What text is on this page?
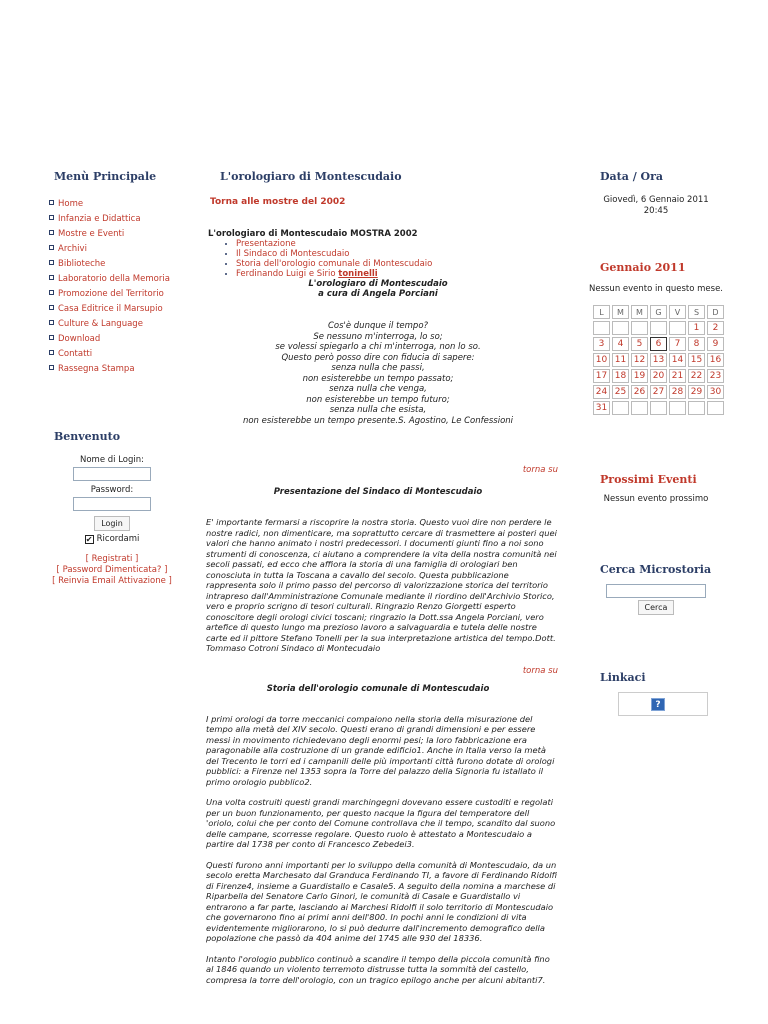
Menù Principale
Home
Infanzia e Didattica
Mostre e Eventi
Archivi
Biblioteche
Laboratorio della Memoria
Promozione del Territorio
Casa Editrice il Marsupio
Culture & Language
Download
Contatti
Rassegna Stampa
Benvenuto
Nome di Login:
Password:
Login
✔ Ricordami
[ Registrati ]
[ Password Dimenticata? ]
[ Reinvia Email Attivazione ]
L'orologiaro di Montescudaio
Torna alle mostre del 2002
L'orologiaro di Montescudaio MOSTRA 2002
• Presentazione
• Il Sindaco di Montescudaio
• Storia dell'orologio comunale di Montescudaio
• Ferdinando Luigi e Sirio toninelli
L'orologiaro di Montescudaio
a cura di Angela Porciani
Cos'è dunque il tempo?
Se nessuno m'interroga, lo so;
se volessi spiegarlo a chi m'interroga, non lo so.
Questo però posso dire con fiducia di sapere:
senza nulla che passi,
non esisterebbe un tempo passato;
senza nulla che venga,
non esisterebbe un tempo futuro;
senza nulla che esista,
non esisterebbe un tempo presente.S. Agostino, Le Confessioni
torna su
Presentazione del Sindaco di Montescudaio
E' importante fermarsi a riscoprire la nostra storia. Questo vuoi dire non perdere le nostre radici, non dimenticare, ma soprattutto cercare di trasmettere ai posteri quei valori che hanno animato i nostri predecessori. I documenti giunti fino a noi sono strumenti di conoscenza, ci aiutano a comprendere la vita della nostra comunità nei secoli passati, ed ecco che affiora la storia di una famiglia di orologiari ben conosciuta in tutta la Toscana a cavallo del secolo. Questa pubblicazione rappresenta solo il primo passo del percorso di valorizzazione storica del territorio intrapreso dall'Amministrazione Comunale mediante il riordino dell'Archivio Storico, vero e proprio scrigno di tesori culturali. Ringrazio Renzo Giorgetti esperto conoscitore degli orologi civici toscani; ringrazio la Dott.ssa Angela Porciani, vero artefice di questo lungo ma prezioso lavoro a salvaguardia e tutela delle nostre carte ed il pittore Stefano Tonelli per la sua interpretazione artistica del tempo.Dott. Tommaso Cotroni Sindaco di Montecudaio
torna su
Storia dell'orologio comunale di Montescudaio
I primi orologi da torre meccanici compaiono nella storia della misurazione del tempo alla metà del XIV secolo. Questi erano di grandi dimensioni e per essere messi in movimento richiedevano degli enormi pesi; la loro fabbricazione era paragonabile alla costruzione di un grande edificio1. Anche in Italia verso la metà del Trecento le torri ed i campanili delle più importanti città furono dotate di orologi pubblici: a Firenze nel 1353 sopra la Torre del palazzo della Signoria fu istallato il primo orologio pubblico2.
Una volta costruiti questi grandi marchingegni dovevano essere custoditi e regolati per un buon funzionamento, per questo nacque la figura del temperatore dell 'oriolo, colui che per conto del Comune controllava che il tempo, scandito dal suono delle campane, scorresse regolare. Questo ruolo è attestato a Montescudaio a partire dal 1738 per conto di Francesco Zebedei3.
Questi furono anni importanti per lo sviluppo della comunità di Montescudaio, da un secolo eretta Marchesato dal Granduca Ferdinando TI, a favore di Ferdinando Ridolfi di Firenze4, insieme a Guardistallo e Casale5. A seguito della nomina a marchese di Riparbella del Senatore Carlo Ginori, le comunità di Casale e Guardistallo vi entrarono a far parte, lasciando ai Marchesi Ridolfi il solo territorio di Montescudaio che governarono fino ai primi anni dell'800. In pochi anni le condizioni di vita evidentemente migliorarono, lo si può dedurre dall'incremento demografico della popolazione che passò da 404 anime del 1745 alle 930 del 18336.
Intanto l'orologio pubblico continuò a scandire il tempo della piccola comunità fino al 1846 quando un violento terremoto distrusse tutta la sommità del castello, compresa la torre dell'orologio, con un tragico epilogo anche per alcuni abitanti7.
Data / Ora
Giovedì, 6 Gennaio 2011
20:45
Gennaio 2011
Nessun evento in questo mese.
L	M	M	G	V	S	D
					1	2
3	4	5	6	7	8	9
10	11	12	13	14	15	16
17	18	19	20	21	22	23
24	25	26	27	28	29	30
31						
Prossimi Eventi
Nessun evento prossimo
Cerca Microstoria
Cerca
Linkaci
?
